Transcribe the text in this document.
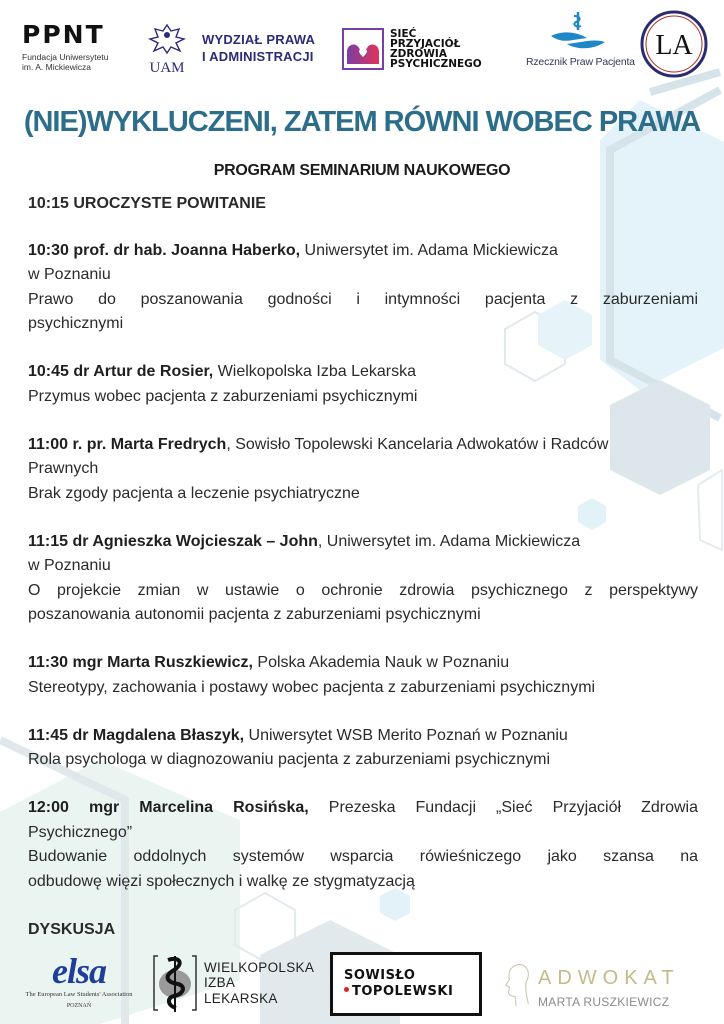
PPNT
Fundacja Uniwersytetu
im. A. Mickiewicza	UAM
WYDZIAŁ PRAWA
I ADMINISTRACJI
SIEĆ
PRZYJACIÓŁ
ZDROWIA
PSYCHICZNEGO	Rzecznik Praw Pacjenta
LA
(NIE)WYKLUCZENI, ZATEM RÓWNI WOBEC PRAWA
PROGRAM SEMINARIUM NAUKOWEGO
10:15 UROCZYSTE POWITANIE
10:30 prof. dr hab. Joanna Haberko, Uniwersytet im. Adama Mickiewicza
w Poznaniu
Prawo do poszanowania godności i intymności pacjenta z zaburzeniami
psychicznymi
10:45 dr Artur de Rosier, Wielkopolska Izba Lekarska
Przymus wobec pacjenta z zaburzeniami psychicznymi
11:00 r. pr. Marta Fredrych, Sowisło Topolewski Kancelaria Adwokatów i Radców
Prawnych
Brak zgody pacjenta a leczenie psychiatryczne
11:15 dr Agnieszka Wojcieszak – John, Uniwersytet im. Adama Mickiewicza
w Poznaniu
O projekcie zmian w ustawie o ochronie zdrowia psychicznego z perspektywy
poszanowania autonomii pacjenta z zaburzeniami psychicznymi
11:30 mgr Marta Ruszkiewicz, Polska Akademia Nauk w Poznaniu
Stereotypy, zachowania i postawy wobec pacjenta z zaburzeniami psychicznymi
11:45 dr Magdalena Błaszyk, Uniwersytet WSB Merito Poznań w Poznaniu
Rola psychologa w diagnozowaniu pacjenta z zaburzeniami psychicznymi
12:00 mgr Marcelina Rosińska, Prezeska Fundacji „Sieć Przyjaciół Zdrowia
Psychicznego”
Budowanie oddolnych systemów wsparcia rówieśniczego jako szansa na
odbudowę więzi społecznych i walkę ze stygmatyzacją
DYSKUSJA
elsa
The European Law Students' Association
POZNAŃ
WIELKOPOLSKA
IZBA
LEKARSKA
SOWISŁO
TOPOLEWSKI
ADWOKAT
MARTA RUSZKIEWICZ
